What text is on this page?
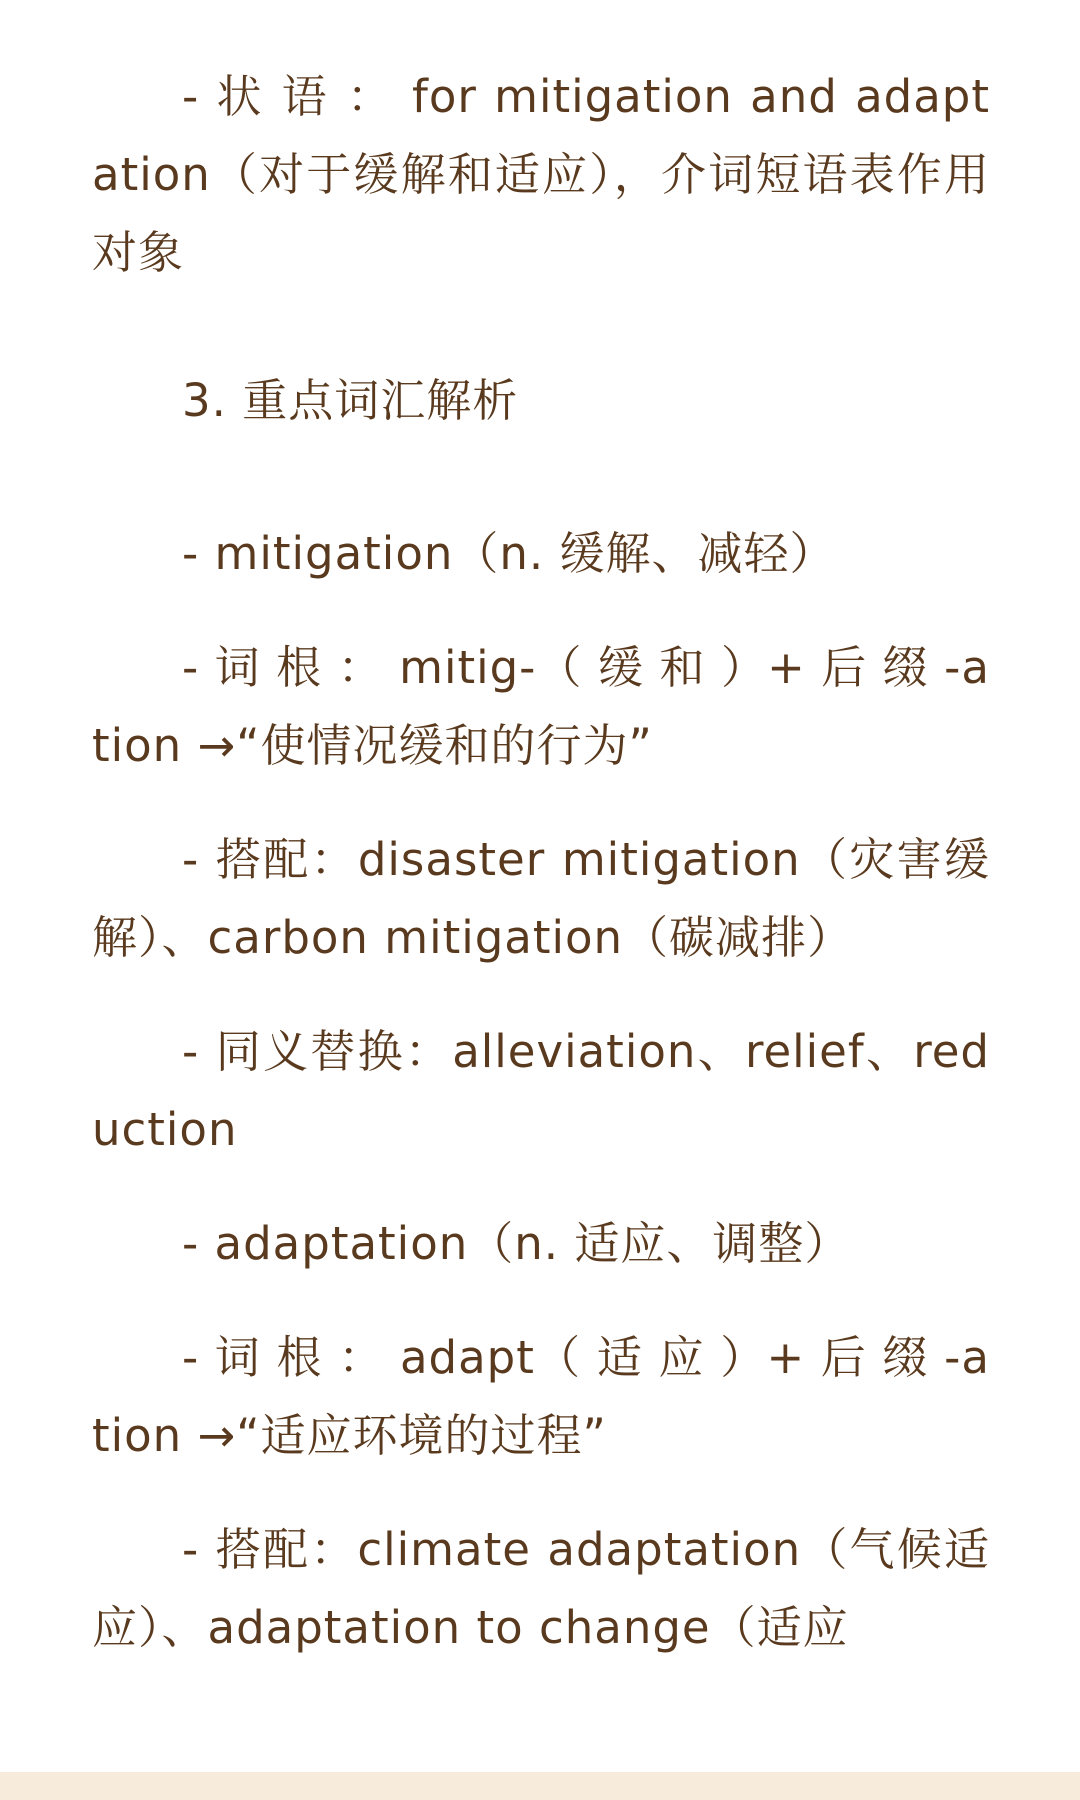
- 状 语 ： for mitigation and adaptation（对于缓解和适应），介词短语表作用对象

3. 重点词汇解析

- mitigation（n. 缓解、减轻）

- 词 根 ： mitig-（ 缓 和 ）+ 后 缀 -ation →“使情况缓和的行为”

- 搭配：disaster mitigation（灾害缓解）、carbon mitigation（碳减排）

- 同义替换：alleviation、relief、reduction

- adaptation（n. 适应、调整）

- 词 根 ： adapt（ 适 应 ）+ 后 缀 -ation →“适应环境的过程”

- 搭配：climate adaptation（气候适应）、adaptation to change（适应
